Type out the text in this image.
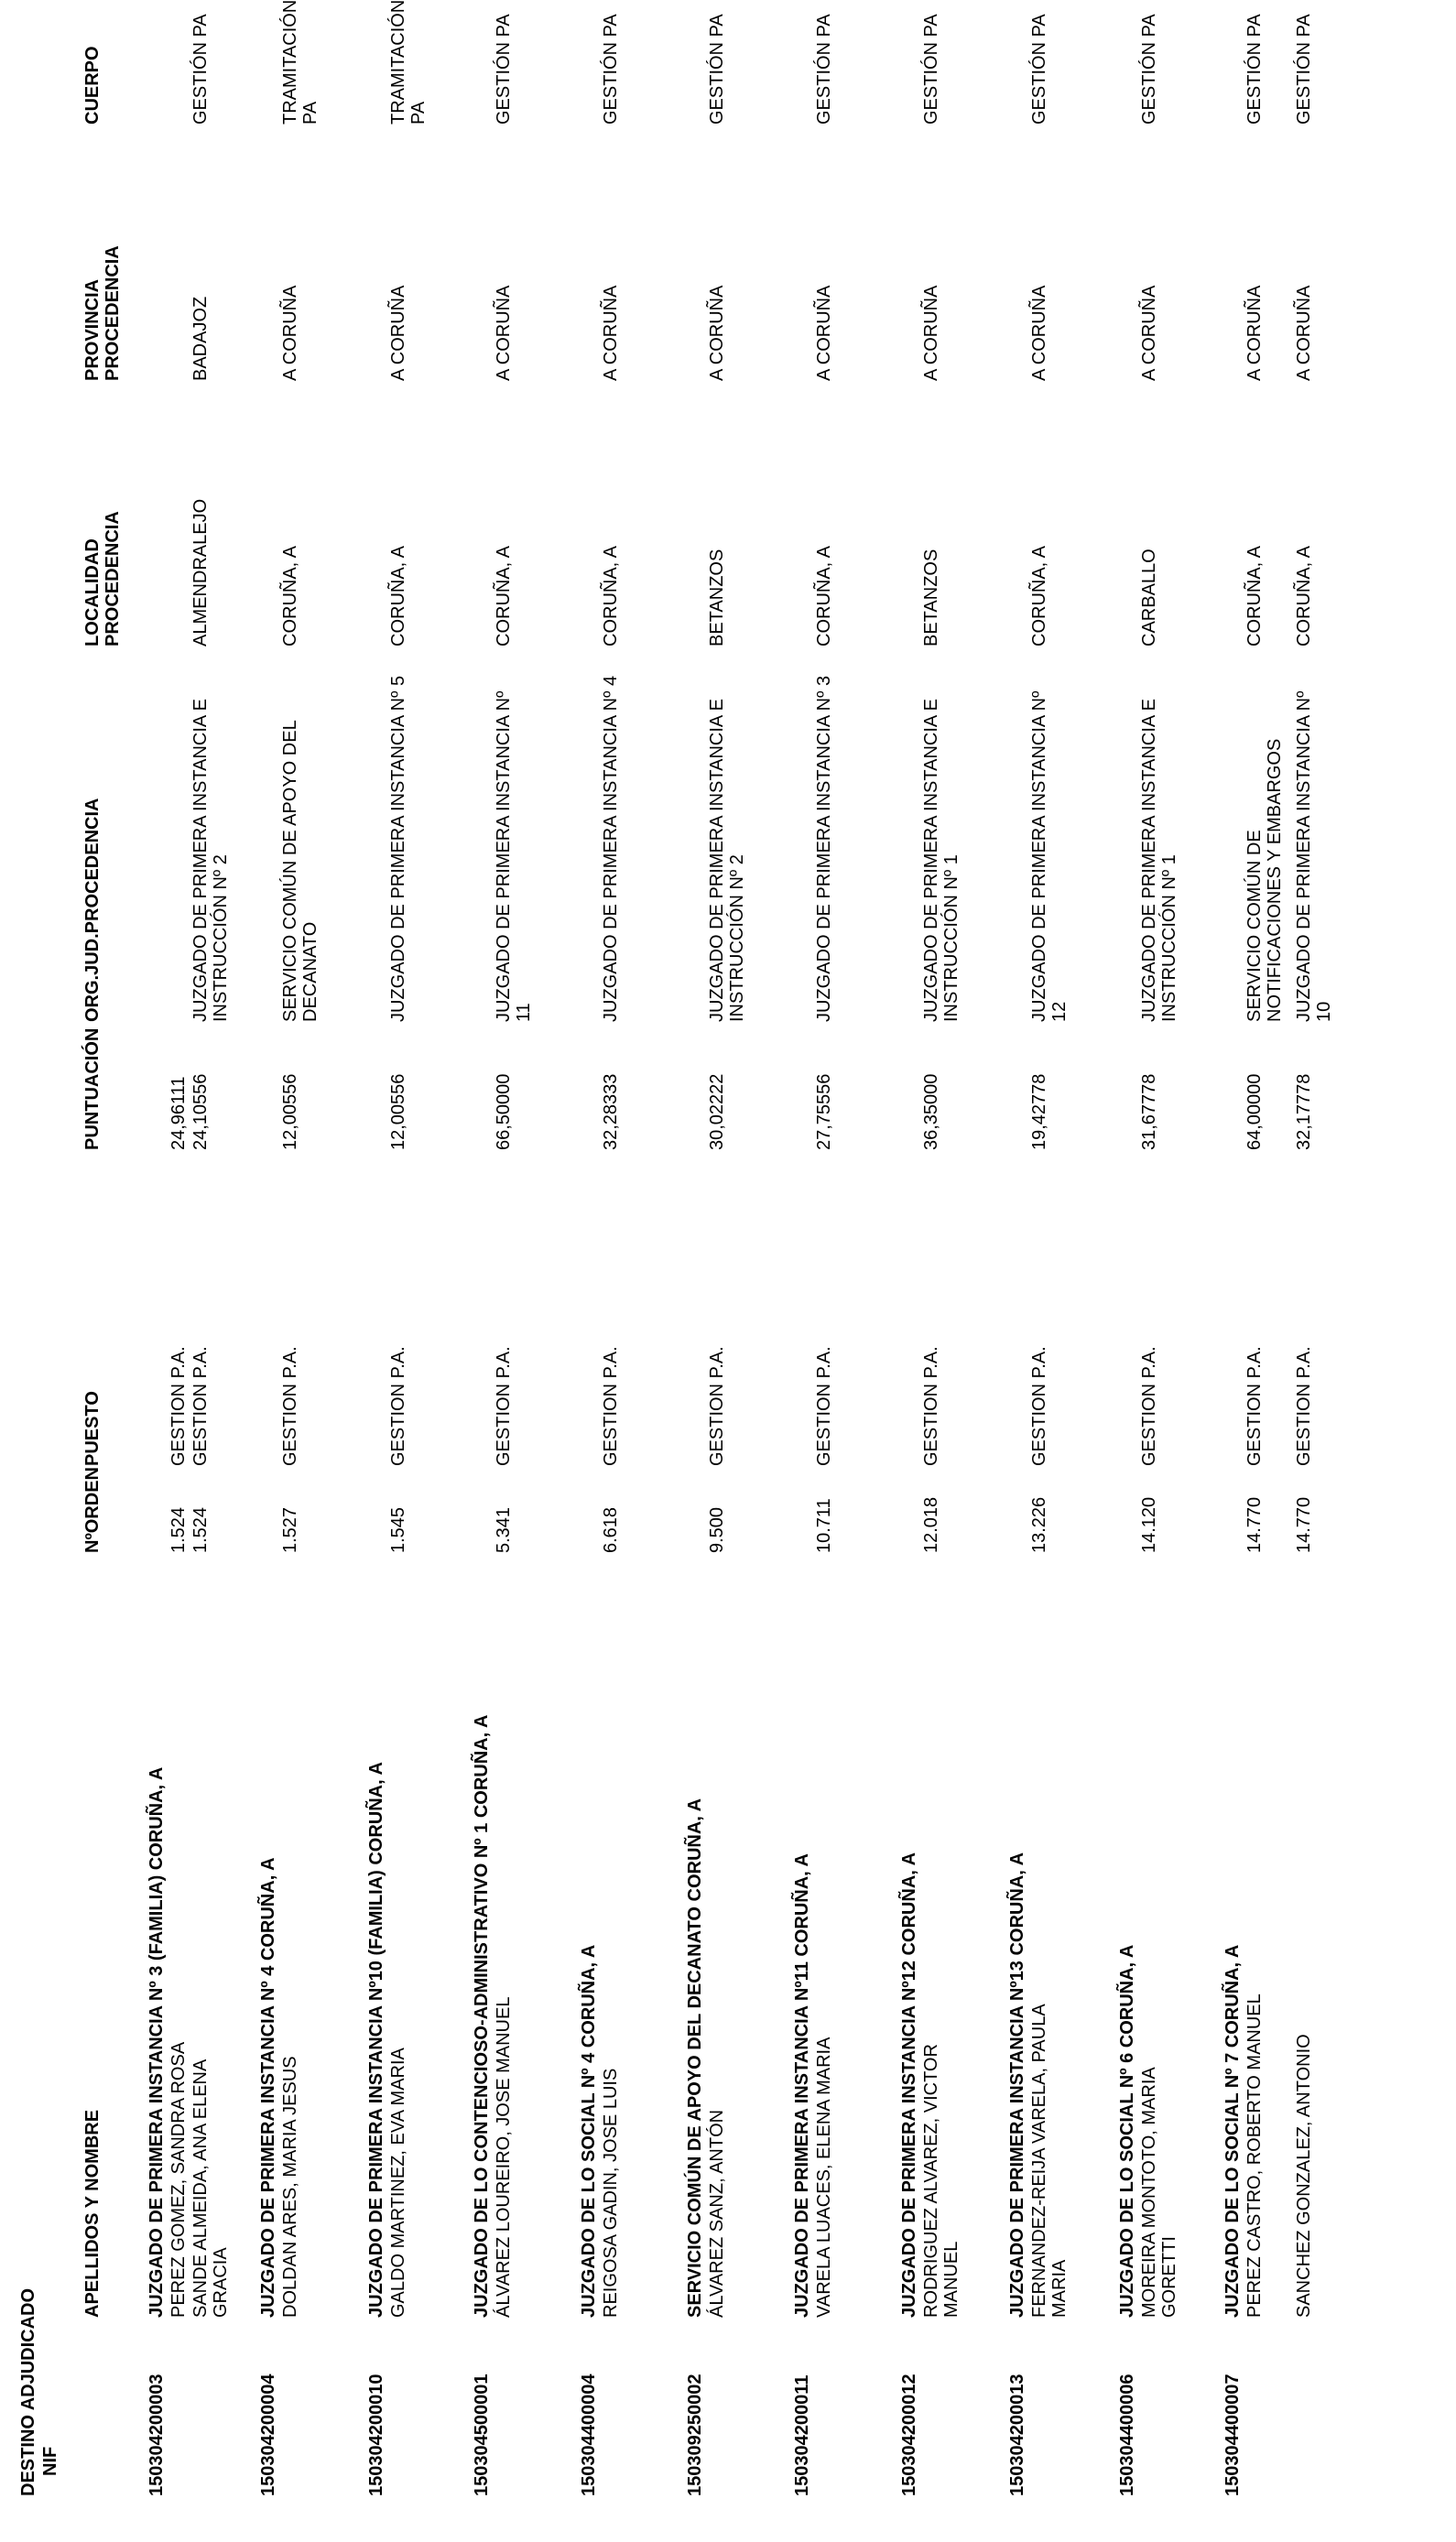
DESTINO ADJUDICADO NIF
APELLIDOS Y NOMBRE
NºORDEN
PUESTO
PUNTUACIÓN
ORG.JUD.PROCEDENCIA
LOCALIDAD PROCEDENCIA
PROVINCIA PROCEDENCIA
CUERPO
150304200003
JUZGADO DE PRIMERA INSTANCIA Nº 3 (FAMILIA) CORUÑA, A PEREZ GOMEZ, SANDRA ROSA
1.524
GESTION P.A.
24,96111
SANDE ALMEIDA, ANA ELENA GRACIA
1.524
GESTION P.A.
24,10556
JUZGADO DE PRIMERA INSTANCIA E INSTRUCCIÓN Nº 2
ALMENDRALEJO
BADAJOZ
GESTIÓN PA
150304200004
JUZGADO DE PRIMERA INSTANCIA Nº 4 CORUÑA, A DOLDAN ARES, MARIA JESUS
1.527
GESTION P.A.
12,00556
SERVICIO COMÚN DE APOYO DEL DECANATO
CORUÑA, A
A CORUÑA
TRAMITACIÓN PA
150304200010
JUZGADO DE PRIMERA INSTANCIA Nº10 (FAMILIA) CORUÑA, A GALDO MARTINEZ, EVA MARIA
1.545
GESTION P.A.
12,00556
JUZGADO DE PRIMERA INSTANCIA Nº 5
CORUÑA, A
A CORUÑA
TRAMITACIÓN PA
150304500001
JUZGADO DE LO CONTENCIOSO-ADMINISTRATIVO Nº 1 CORUÑA, A ÁLVAREZ LOUREIRO, JOSE MANUEL
5.341
GESTION P.A.
66,50000
JUZGADO DE PRIMERA INSTANCIA Nº 11
CORUÑA, A
A CORUÑA
GESTIÓN PA
150304400004
JUZGADO DE LO SOCIAL Nº 4 CORUÑA, A REIGOSA GADIN, JOSE LUIS
6.618
GESTION P.A.
32,28333
JUZGADO DE PRIMERA INSTANCIA Nº 4
CORUÑA, A
A CORUÑA
GESTIÓN PA
150309250002
SERVICIO COMÚN DE APOYO DEL DECANATO CORUÑA, A ÁLVAREZ SANZ, ANTÓN
9.500
GESTION P.A.
30,02222
JUZGADO DE PRIMERA INSTANCIA E INSTRUCCIÓN Nº 2
BETANZOS
A CORUÑA
GESTIÓN PA
150304200011
JUZGADO DE PRIMERA INSTANCIA Nº11 CORUÑA, A VARELA LUACES, ELENA MARIA
10.711
GESTION P.A.
27,75556
JUZGADO DE PRIMERA INSTANCIA Nº 3
CORUÑA, A
A CORUÑA
GESTIÓN PA
150304200012
JUZGADO DE PRIMERA INSTANCIA Nº12 CORUÑA, A RODRIGUEZ ALVAREZ, VICTOR MANUEL
12.018
GESTION P.A.
36,35000
JUZGADO DE PRIMERA INSTANCIA E INSTRUCCIÓN Nº 1
BETANZOS
A CORUÑA
GESTIÓN PA
150304200013
JUZGADO DE PRIMERA INSTANCIA Nº13 CORUÑA, A FERNANDEZ-REIJA VARELA, PAULA MARIA
13.226
GESTION P.A.
19,42778
JUZGADO DE PRIMERA INSTANCIA Nº 12
CORUÑA, A
A CORUÑA
GESTIÓN PA
150304400006
JUZGADO DE LO SOCIAL Nº 6 CORUÑA, A MOREIRA MONTOTO, MARIA GORETTI
14.120
GESTION P.A.
31,67778
JUZGADO DE PRIMERA INSTANCIA E INSTRUCCIÓN Nº 1
CARBALLO
A CORUÑA
GESTIÓN PA
150304400007
JUZGADO DE LO SOCIAL Nº 7 CORUÑA, A PEREZ CASTRO, ROBERTO MANUEL
14.770
GESTION P.A.
64,00000
SERVICIO COMÚN DE NOTIFICACIONES Y EMBARGOS
CORUÑA, A
A CORUÑA
GESTIÓN PA
SANCHEZ GONZALEZ, ANTONIO
14.770
GESTION P.A.
32,17778
JUZGADO DE PRIMERA INSTANCIA Nº 10
CORUÑA, A
A CORUÑA
GESTIÓN PA
